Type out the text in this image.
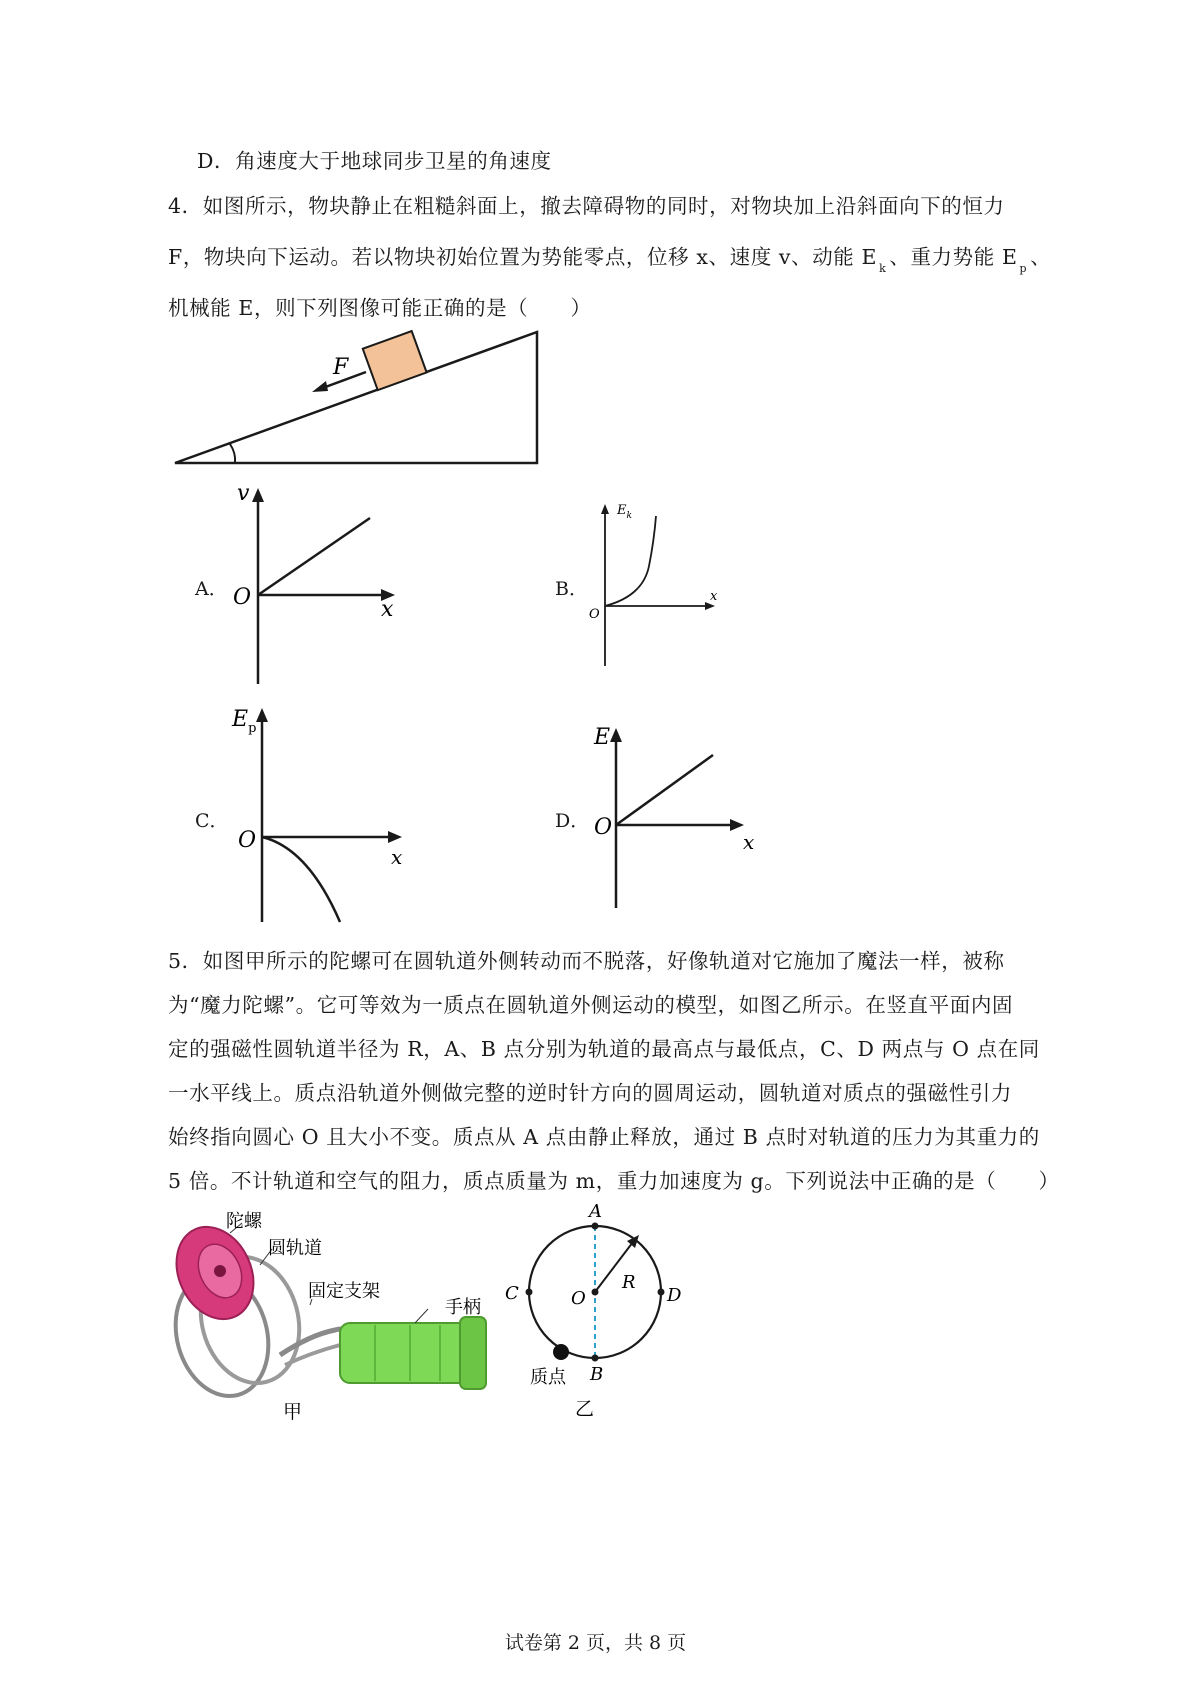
D．角速度大于地球同步卫星的角速度
4．如图所示，物块静止在粗糙斜面上，撤去障碍物的同时，对物块加上沿斜面向下的恒力
F，物块向下运动。若以物块初始位置为势能零点，位移 x、速度 v、动能 E $_k$ 、重力势能 E $_p$ 、
机械能 E，则下列图像可能正确的是（　　）
F
A．
v
x
O	B．
$E_k$
x
O
C．
$E_p$
x
O
D．
E
x
O
5．如图甲所示的陀螺可在圆轨道外侧转动而不脱落，好像轨道对它施加了魔法一样，被称
为“魔力陀螺”。它可等效为一质点在圆轨道外侧运动的模型，如图乙所示。在竖直平面内固
定的强磁性圆轨道半径为 R，A、B 点分别为轨道的最高点与最低点，C、D 两点与 O 点在同
一水平线上。质点沿轨道外侧做完整的逆时针方向的圆周运动，圆轨道对质点的强磁性引力
始终指向圆心 O 且大小不变。质点从 A 点由静止释放，通过 B 点时对轨道的压力为其重力的
5 倍。不计轨道和空气的阻力，质点质量为 m，重力加速度为 g。下列说法中正确的是（　　）
陀螺
圆轨道
固定支架
手柄
甲
A
B
C	D
O
R
质点
乙
试卷第 2 页，共 8 页
